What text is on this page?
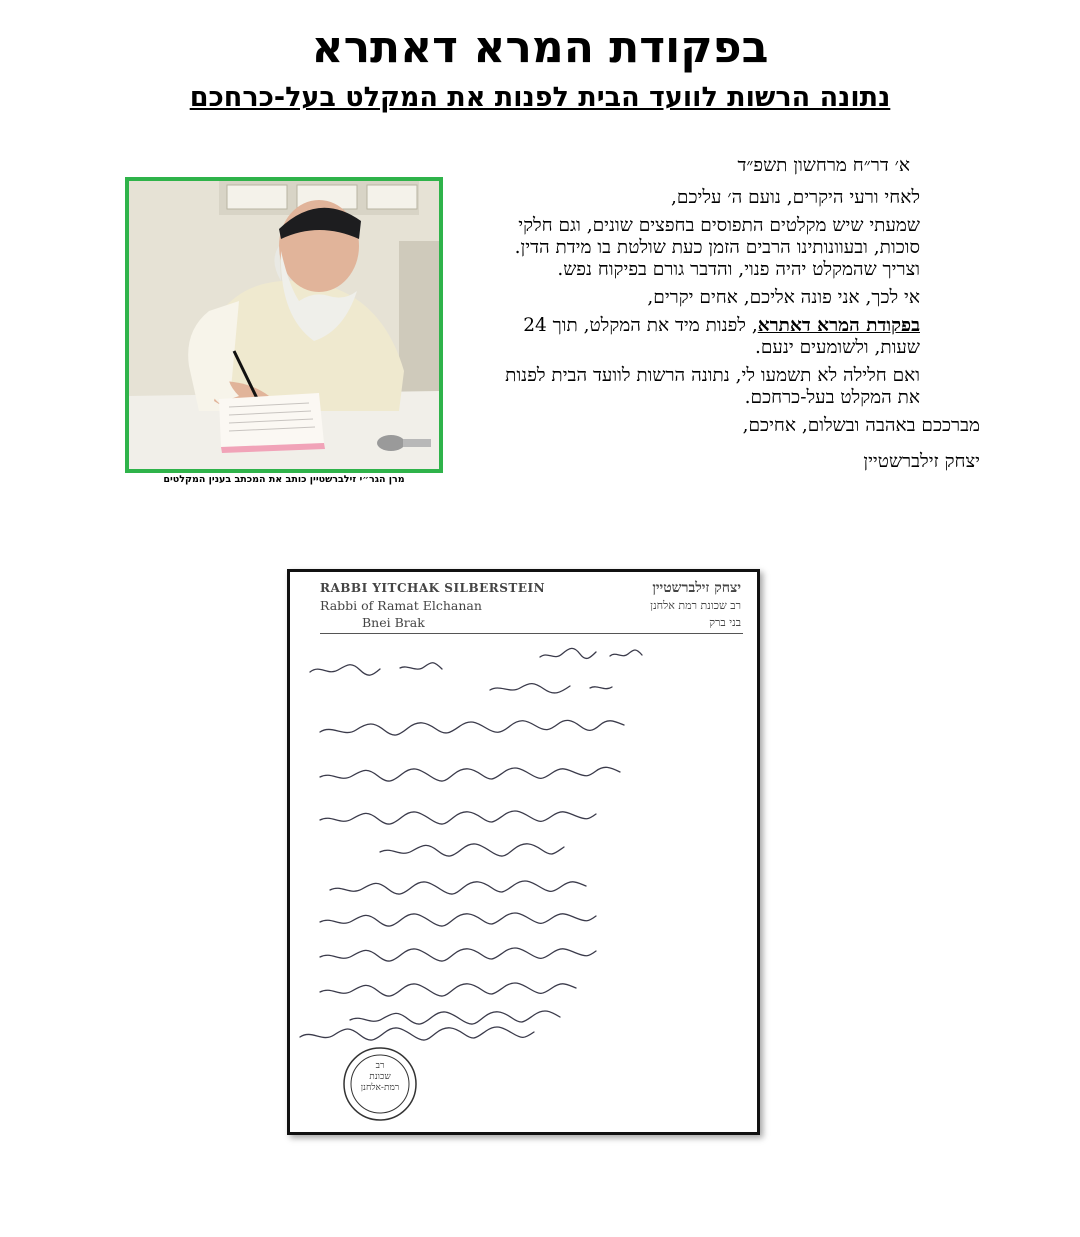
בפקודת המרא דאתרא
נתונה הרשות לוועד הבית לפנות את המקלט בעל-כרחכם

א׳ דר״ח מרחשון תשפ״ד

לאחי ורעי היקרים, נועם ה׳ עליכם,

שמעתי שיש מקלטים התפוסים בחפצים שונים, וגם חלקי סוכות, ובעוונותינו הרבים הזמן כעת שולטת בו מידת הדין. וצריך שהמקלט יהיה פנוי, והדבר גורם בפיקוח נפש.

אי לכך, אני פונה אליכם, אחים יקרים,

בפקודת המרא דאתרא, לפנות מיד את המקלט, תוך 24 שעות, ולשומעים ינעם.

ואם חלילה לא תשמעו לי, נתונה הרשות לוועד הבית לפנות את המקלט בעל-כרחכם.

מברככם באהבה ובשלום, אחיכם,

יצחק זילברשטיין

מרן הגר״י זילברשטיין כותב את המכתב בענין המקלטים
RABBI YITCHAK SILBERSTEIN
Rabbi of Ramat Elchanan
Bnei Brak
יצחק זילברשטיין
רב שכונת רמת אלחנן
בני ברק
רב
שכונת
רמת-אלחנן
